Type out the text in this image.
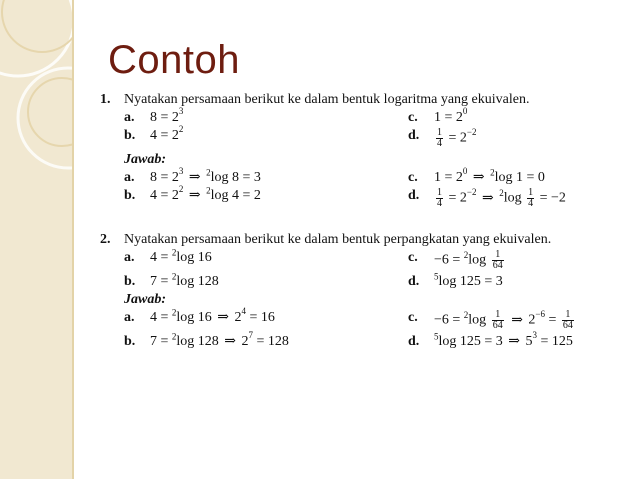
Contoh
1. Nyatakan persamaan berikut ke dalam bentuk logaritma yang ekuivalen.
a. $8 = 2^3$	c. $1 = 2^0$
b. $4 = 2^2$	d. $\frac{1}{4} = 2^{-2}$
Jawab:
a. $8 = 2^3$ ⇒ $^2$log 8 = 3	c. $1 = 2^0$ ⇒ $^2$log 1 = 0
b. $4 = 2^2$ ⇒ $^2$log 4 = 2	d. $\frac{1}{4} = 2^{-2}$ ⇒ $^2\log \frac{1}{4} = -2$
2. Nyatakan persamaan berikut ke dalam bentuk perpangkatan yang ekuivalen.
a. 4 = $^2$log 16	c. $-6 = ^2\log \frac{1}{64}$
b. 7 = $^2$log 128	d. $^5$log 125 = 3
Jawab:
a. 4 = $^2$log 16 ⇒ $2^4 = 16$	c. $-6 = ^2\log \frac{1}{64}$ ⇒ $2^{-6} = \frac{1}{64}$
b. 7 = $^2$log 128 ⇒ $2^7 = 128$	d. $^5$log 125 = 3 ⇒ $5^3 = 125$
